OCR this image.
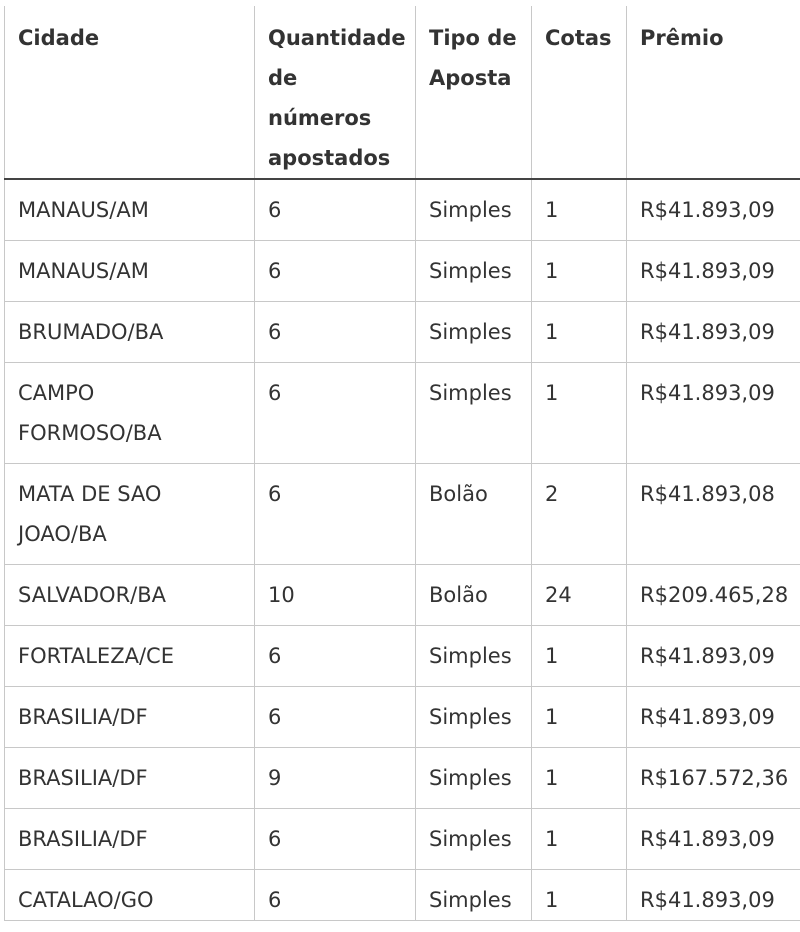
Cidade	Quantidade de números apostados	Tipo de Aposta	Cotas	Prêmio
MANAUS/AM	6	Simples	1	R$41.893,09
MANAUS/AM	6	Simples	1	R$41.893,09
BRUMADO/BA	6	Simples	1	R$41.893,09
CAMPO FORMOSO/BA	6	Simples	1	R$41.893,09
MATA DE SAO JOAO/BA	6	Bolão	2	R$41.893,08
SALVADOR/BA	10	Bolão	24	R$209.465,28
FORTALEZA/CE	6	Simples	1	R$41.893,09
BRASILIA/DF	6	Simples	1	R$41.893,09
BRASILIA/DF	9	Simples	1	R$167.572,36
BRASILIA/DF	6	Simples	1	R$41.893,09
CATALAO/GO	6	Simples	1	R$41.893,09
